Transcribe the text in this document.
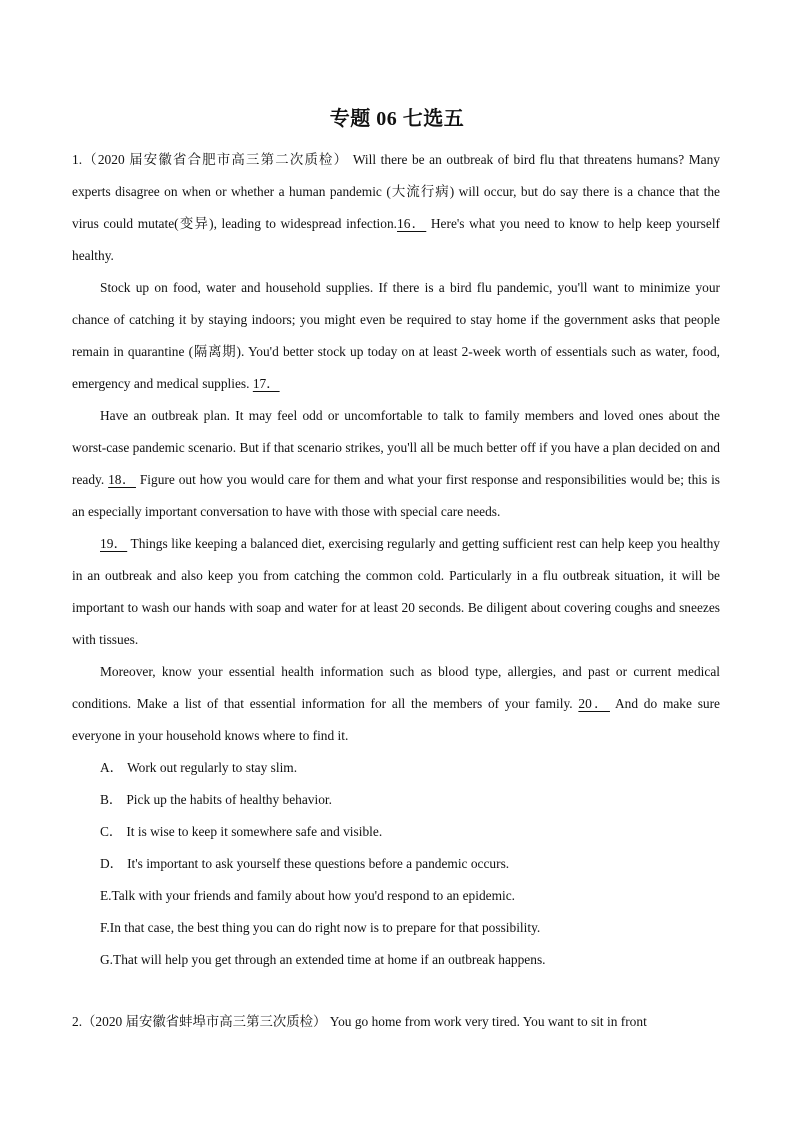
专题 06 七选五

1.（2020 届安徽省合肥市高三第二次质检） Will there be an outbreak of bird flu that threatens humans? Many experts disagree on when or whether a human pandemic (大流行病) will occur, but do say there is a chance that the virus could mutate(变异), leading to widespread infection.16． Here's what you need to know to help keep yourself healthy.

Stock up on food, water and household supplies. If there is a bird flu pandemic, you'll want to minimize your chance of catching it by staying indoors; you might even be required to stay home if the government asks that people remain in quarantine (隔离期). You'd better stock up today on at least 2-week worth of essentials such as water, food, emergency and medical supplies. 17．

Have an outbreak plan. It may feel odd or uncomfortable to talk to family members and loved ones about the worst-case pandemic scenario. But if that scenario strikes, you'll all be much better off if you have a plan decided on and ready. 18． Figure out how you would care for them and what your first response and responsibilities would be; this is an especially important conversation to have with those with special care needs.

19． Things like keeping a balanced diet, exercising regularly and getting sufficient rest can help keep you healthy in an outbreak and also keep you from catching the common cold. Particularly in a flu outbreak situation, it will be important to wash our hands with soap and water for at least 20 seconds. Be diligent about covering coughs and sneezes with tissues.

Moreover, know your essential health information such as blood type, allergies, and past or current medical conditions. Make a list of that essential information for all the members of your family. 20． And do make sure everyone in your household knows where to find it.

A． Work out regularly to stay slim.

B． Pick up the habits of healthy behavior.

C． It is wise to keep it somewhere safe and visible.

D． It's important to ask yourself these questions before a pandemic occurs.

E.Talk with your friends and family about how you'd respond to an epidemic.

F.In that case, the best thing you can do right now is to prepare for that possibility.

G.That will help you get through an extended time at home if an outbreak happens.

2.（2020 届安徽省蚌埠市高三第三次质检） You go home from work very tired. You want to sit in front
